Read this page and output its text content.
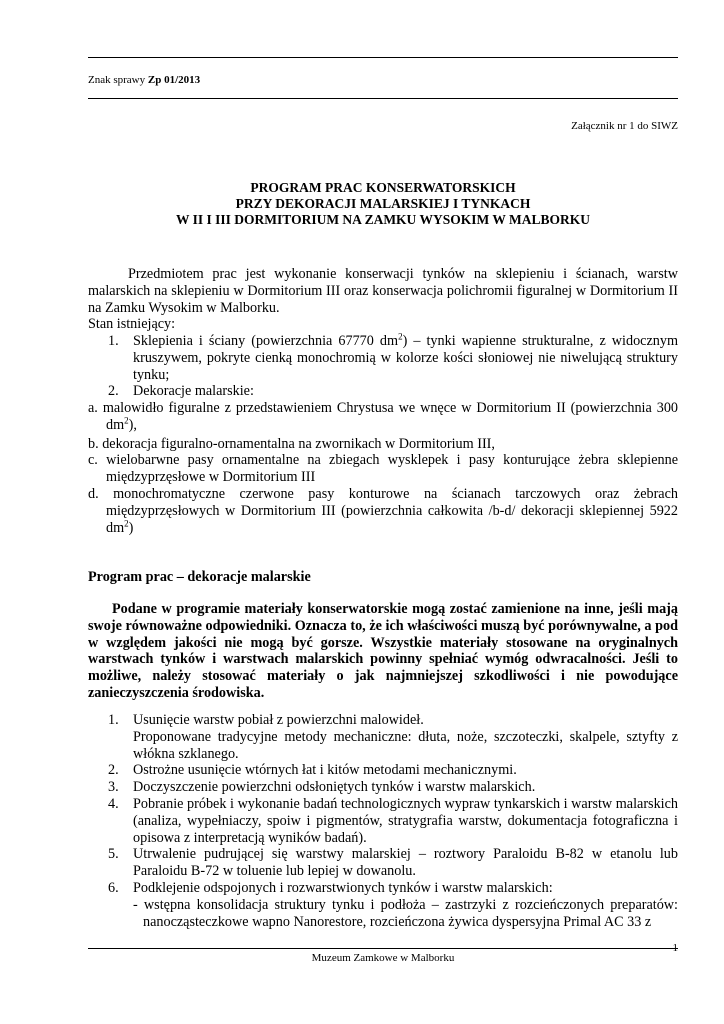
Znak sprawy Zp 01/2013
Załącznik nr 1 do SIWZ
PROGRAM PRAC KONSERWATORSKICH
PRZY DEKORACJI MALARSKIEJ I TYNKACH
W II I III DORMITORIUM NA ZAMKU WYSOKIM W MALBORKU
Przedmiotem prac jest wykonanie konserwacji tynków na sklepieniu i ścianach, warstw malarskich na sklepieniu w Dormitorium III oraz konserwacja polichromii figuralnej w Dormitorium II na Zamku Wysokim w Malborku.
Stan istniejący:
1. Sklepienia i ściany (powierzchnia 67770 $dm^2$) – tynki wapienne strukturalne, z widocznym kruszywem, pokryte cienką monochromią w kolorze kości słoniowej nie niwelującą struktury tynku;
2. Dekoracje malarskie:
a. malowidło figuralne z przedstawieniem Chrystusa we wnęce w Dormitorium II (powierzchnia 300 $dm^2$),
b. dekoracja figuralno-ornamentalna na zwornikach w Dormitorium III,
c. wielobarwne pasy ornamentalne na zbiegach wysklepek i pasy konturujące żebra sklepienne międzyprzęsłowe w Dormitorium III
d. monochromatyczne czerwone pasy konturowe na ścianach tarczowych oraz żebrach międzyprzęsłowych w Dormitorium III (powierzchnia całkowita /b-d/ dekoracji sklepiennej 5922 $dm^2$)
Program prac – dekoracje malarskie
Podane w programie materiały konserwatorskie mogą zostać zamienione na inne, jeśli mają swoje równoważne odpowiedniki. Oznacza to, że ich właściwości muszą być porównywalne, a pod w względem jakości nie mogą być gorsze. Wszystkie materiały stosowane na oryginalnych warstwach tynków i warstwach malarskich powinny spełniać wymóg odwracalności. Jeśli to możliwe, należy stosować materiały o jak najmniejszej szkodliwości i nie powodujące zanieczyszczenia środowiska.
1. Usunięcie warstw pobiał z powierzchni malowideł.
Proponowane tradycyjne metody mechaniczne: dłuta, noże, szczoteczki, skalpele, sztyfty z włókna szklanego.
2. Ostrożne usunięcie wtórnych łat i kitów metodami mechanicznymi.
3. Doczyszczenie powierzchni odsłoniętych tynków i warstw malarskich.
4. Pobranie próbek i wykonanie badań technologicznych wypraw tynkarskich i warstw malarskich (analiza, wypełniaczy, spoiw i pigmentów, stratygrafia warstw, dokumentacja fotograficzna i opisowa z interpretacją wyników badań).
5. Utrwalenie pudrującej się warstwy malarskiej – roztwory Paraloidu B-82 w etanolu lub Paraloidu B-72 w toluenie lub lepiej w dowanolu.
6. Podklejenie odspojonych i rozwarstwionych tynków i warstw malarskich:
- wstępna konsolidacja struktury tynku i podłoża – zastrzyki z rozcieńczonych preparatów: nanocząsteczkowe wapno Nanorestore, rozcieńczona żywica dyspersyjna Primal AC 33 z
1
Muzeum Zamkowe w Malborku
